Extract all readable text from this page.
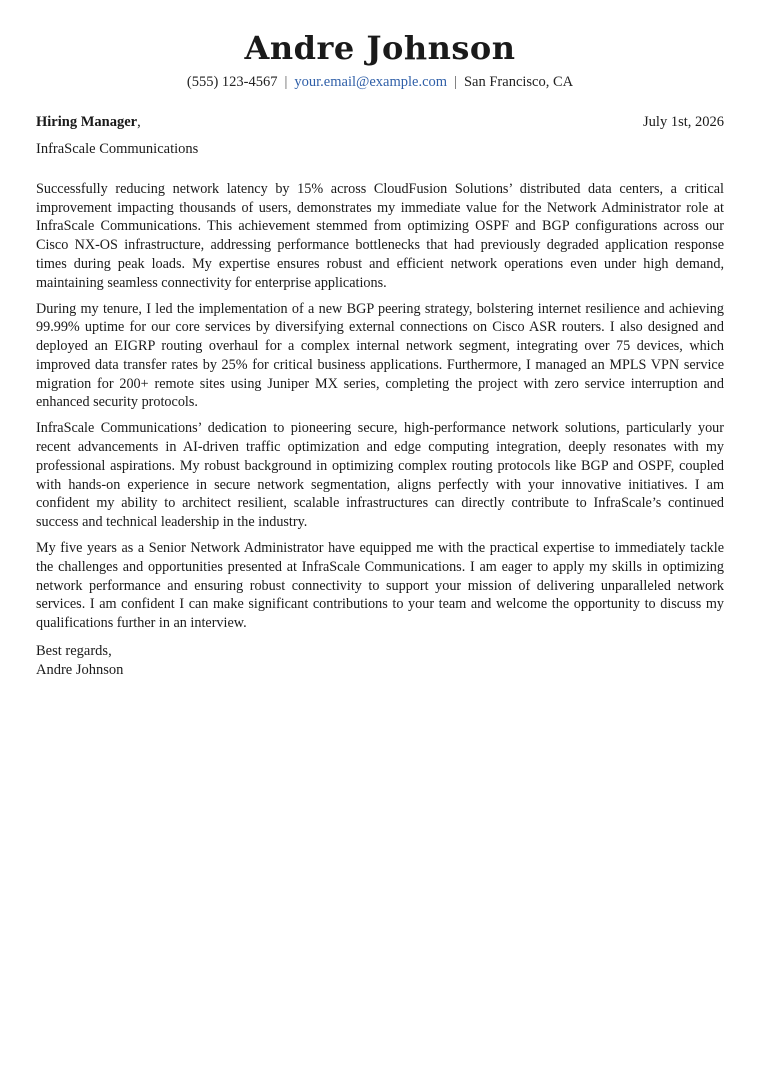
Andre Johnson
(555) 123-4567 | your.email@example.com | San Francisco, CA
Hiring Manager,	July 1st, 2026
InfraScale Communications

Successfully reducing network latency by 15% across CloudFusion Solutions’ distributed data centers, a critical improvement impacting thousands of users, demonstrates my immediate value for the Network Administrator role at InfraScale Communications. This achievement stemmed from optimizing OSPF and BGP configurations across our Cisco NX-OS infrastructure, addressing performance bottlenecks that had previously degraded application response times during peak loads. My expertise ensures robust and efficient network operations even under high demand, maintaining seamless connectivity for enterprise applications.

During my tenure, I led the implementation of a new BGP peering strategy, bolstering internet resilience and achieving 99.99% uptime for our core services by diversifying external connections on Cisco ASR routers. I also designed and deployed an EIGRP routing overhaul for a complex internal network segment, integrating over 75 devices, which improved data transfer rates by 25% for critical business applications. Furthermore, I managed an MPLS VPN service migration for 200+ remote sites using Juniper MX series, completing the project with zero service interruption and enhanced security protocols.

InfraScale Communications’ dedication to pioneering secure, high-performance network solutions, particularly your recent advancements in AI-driven traffic optimization and edge computing integration, deeply resonates with my professional aspirations. My robust background in optimizing complex routing protocols like BGP and OSPF, coupled with hands-on experience in secure network segmentation, aligns perfectly with your innovative initiatives. I am confident my ability to architect resilient, scalable infrastructures can directly contribute to InfraScale’s continued success and technical leadership in the industry.

My five years as a Senior Network Administrator have equipped me with the practical expertise to immediately tackle the challenges and opportunities presented at InfraScale Communications. I am eager to apply my skills in optimizing network performance and ensuring robust connectivity to support your mission of delivering unparalleled network services. I am confident I can make significant contributions to your team and welcome the opportunity to discuss my qualifications further in an interview.

Best regards,
Andre Johnson
